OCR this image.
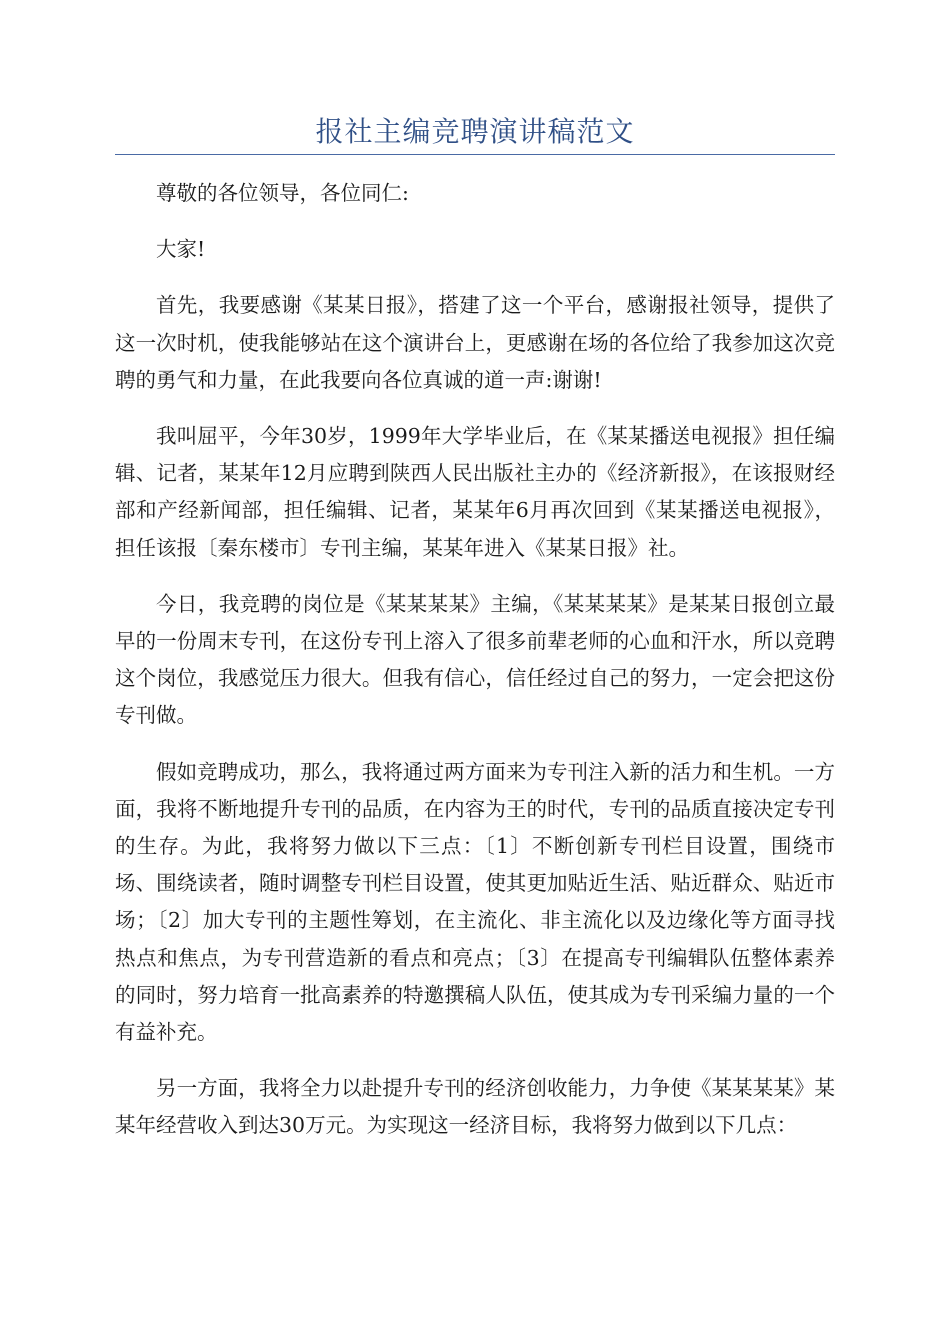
报社主编竞聘演讲稿范文

尊敬的各位领导，各位同仁:

大家!

首先，我要感谢《某某日报》，搭建了这一个平台，感谢报社领导，提供了这一次时机，使我能够站在这个演讲台上，更感谢在场的各位给了我参加这次竞聘的勇气和力量，在此我要向各位真诚的道一声:谢谢!

我叫屈平，今年30岁，1999年大学毕业后，在《某某播送电视报》担任编辑、记者，某某年12月应聘到陕西人民出版社主办的《经济新报》，在该报财经部和产经新闻部，担任编辑、记者，某某年6月再次回到《某某播送电视报》，担任该报〔秦东楼市〕专刊主编，某某年进入《某某日报》社。

今日，我竞聘的岗位是《某某某某》主编，《某某某某》是某某日报创立最早的一份周末专刊，在这份专刊上溶入了很多前辈老师的心血和汗水，所以竞聘这个岗位，我感觉压力很大。但我有信心，信任经过自己的努力，一定会把这份专刊做。

假如竞聘成功，那么，我将通过两方面来为专刊注入新的活力和生机。一方面，我将不断地提升专刊的品质，在内容为王的时代，专刊的品质直接决定专刊的生存。为此，我将努力做以下三点：〔1〕不断创新专刊栏目设置，围绕市场、围绕读者，随时调整专刊栏目设置，使其更加贴近生活、贴近群众、贴近市场；〔2〕加大专刊的主题性筹划，在主流化、非主流化以及边缘化等方面寻找热点和焦点，为专刊营造新的看点和亮点；〔3〕在提高专刊编辑队伍整体素养的同时，努力培育一批高素养的特邀撰稿人队伍，使其成为专刊采编力量的一个有益补充。

另一方面，我将全力以赴提升专刊的经济创收能力，力争使《某某某某》某某年经营收入到达30万元。为实现这一经济目标，我将努力做到以下几点：
